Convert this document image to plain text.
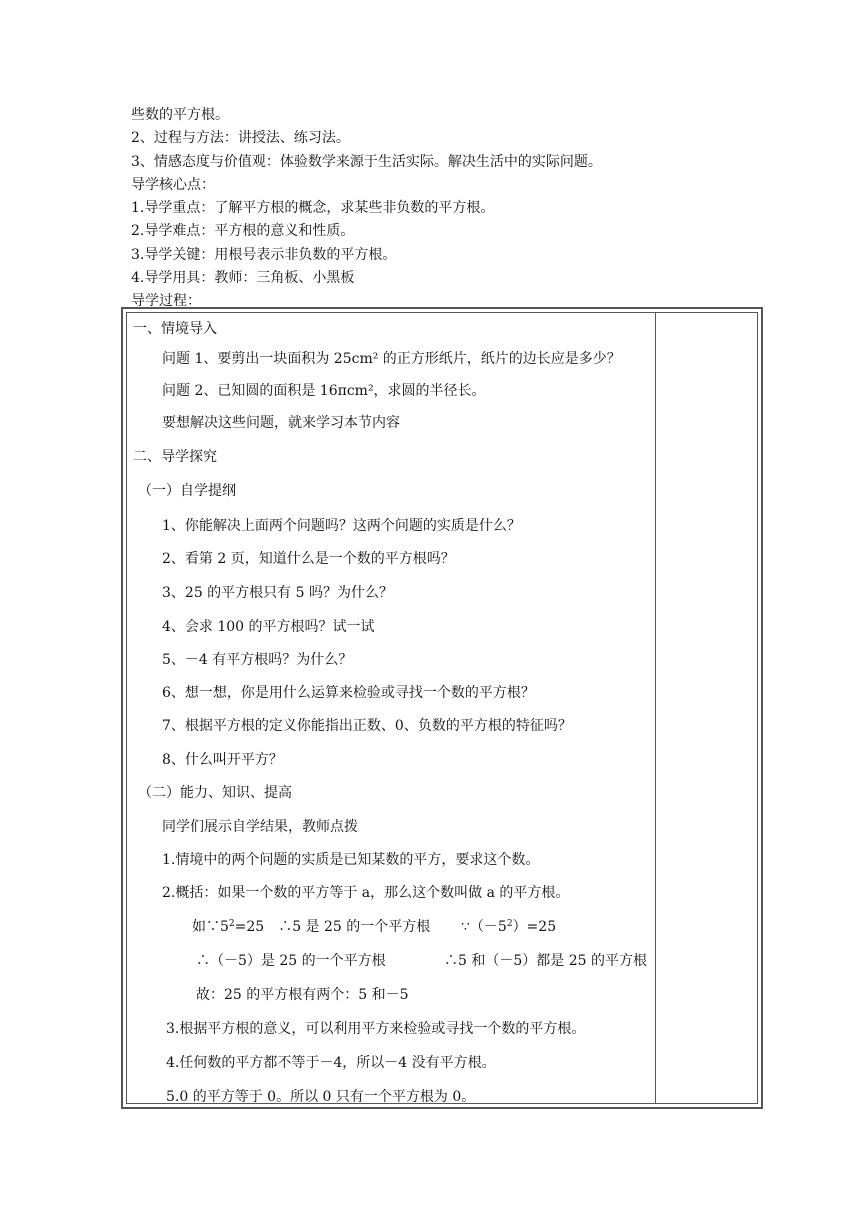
些数的平方根。
2、过程与方法：讲授法、练习法。
3、情感态度与价值观：体验数学来源于生活实际。解决生活中的实际问题。
导学核心点：
1.导学重点：了解平方根的概念，求某些非负数的平方根。
2.导学难点：平方根的意义和性质。
3.导学关键：用根号表示非负数的平方根。
4.导学用具：教师：三角板、小黑板
导学过程：
一、情境导入
问题 1、要剪出一块面积为 25cm² 的正方形纸片，纸片的边长应是多少？
问题 2、已知圆的面积是 16πcm²，求圆的半径长。
要想解决这些问题，就来学习本节内容
二、导学探究
（一）自学提纲
1、你能解决上面两个问题吗？这两个问题的实质是什么？
2、看第 2 页，知道什么是一个数的平方根吗？
3、25 的平方根只有 5 吗？为什么？
4、会求 100 的平方根吗？试一试
5、－4 有平方根吗？为什么？
6、想一想，你是用什么运算来检验或寻找一个数的平方根？
7、根据平方根的定义你能指出正数、0、负数的平方根的特征吗？
8、什么叫开平方？
（二）能力、知识、提高
同学们展示自学结果，教师点拨
1.情境中的两个问题的实质是已知某数的平方，要求这个数。
2.概括：如果一个数的平方等于 a，那么这个数叫做 a 的平方根。
如$\because 5^2=25$　∴5 是 25 的一个平方根 $\because(-5^2)=25$
∴（－5）是 25 的一个平方根	∴5 和（－5）都是 25 的平方根
故：25 的平方根有两个：5 和－5
3.根据平方根的意义，可以利用平方来检验或寻找一个数的平方根。
4.任何数的平方都不等于－4，所以－4 没有平方根。
5.0 的平方等于 0。所以 0 只有一个平方根为 0。
